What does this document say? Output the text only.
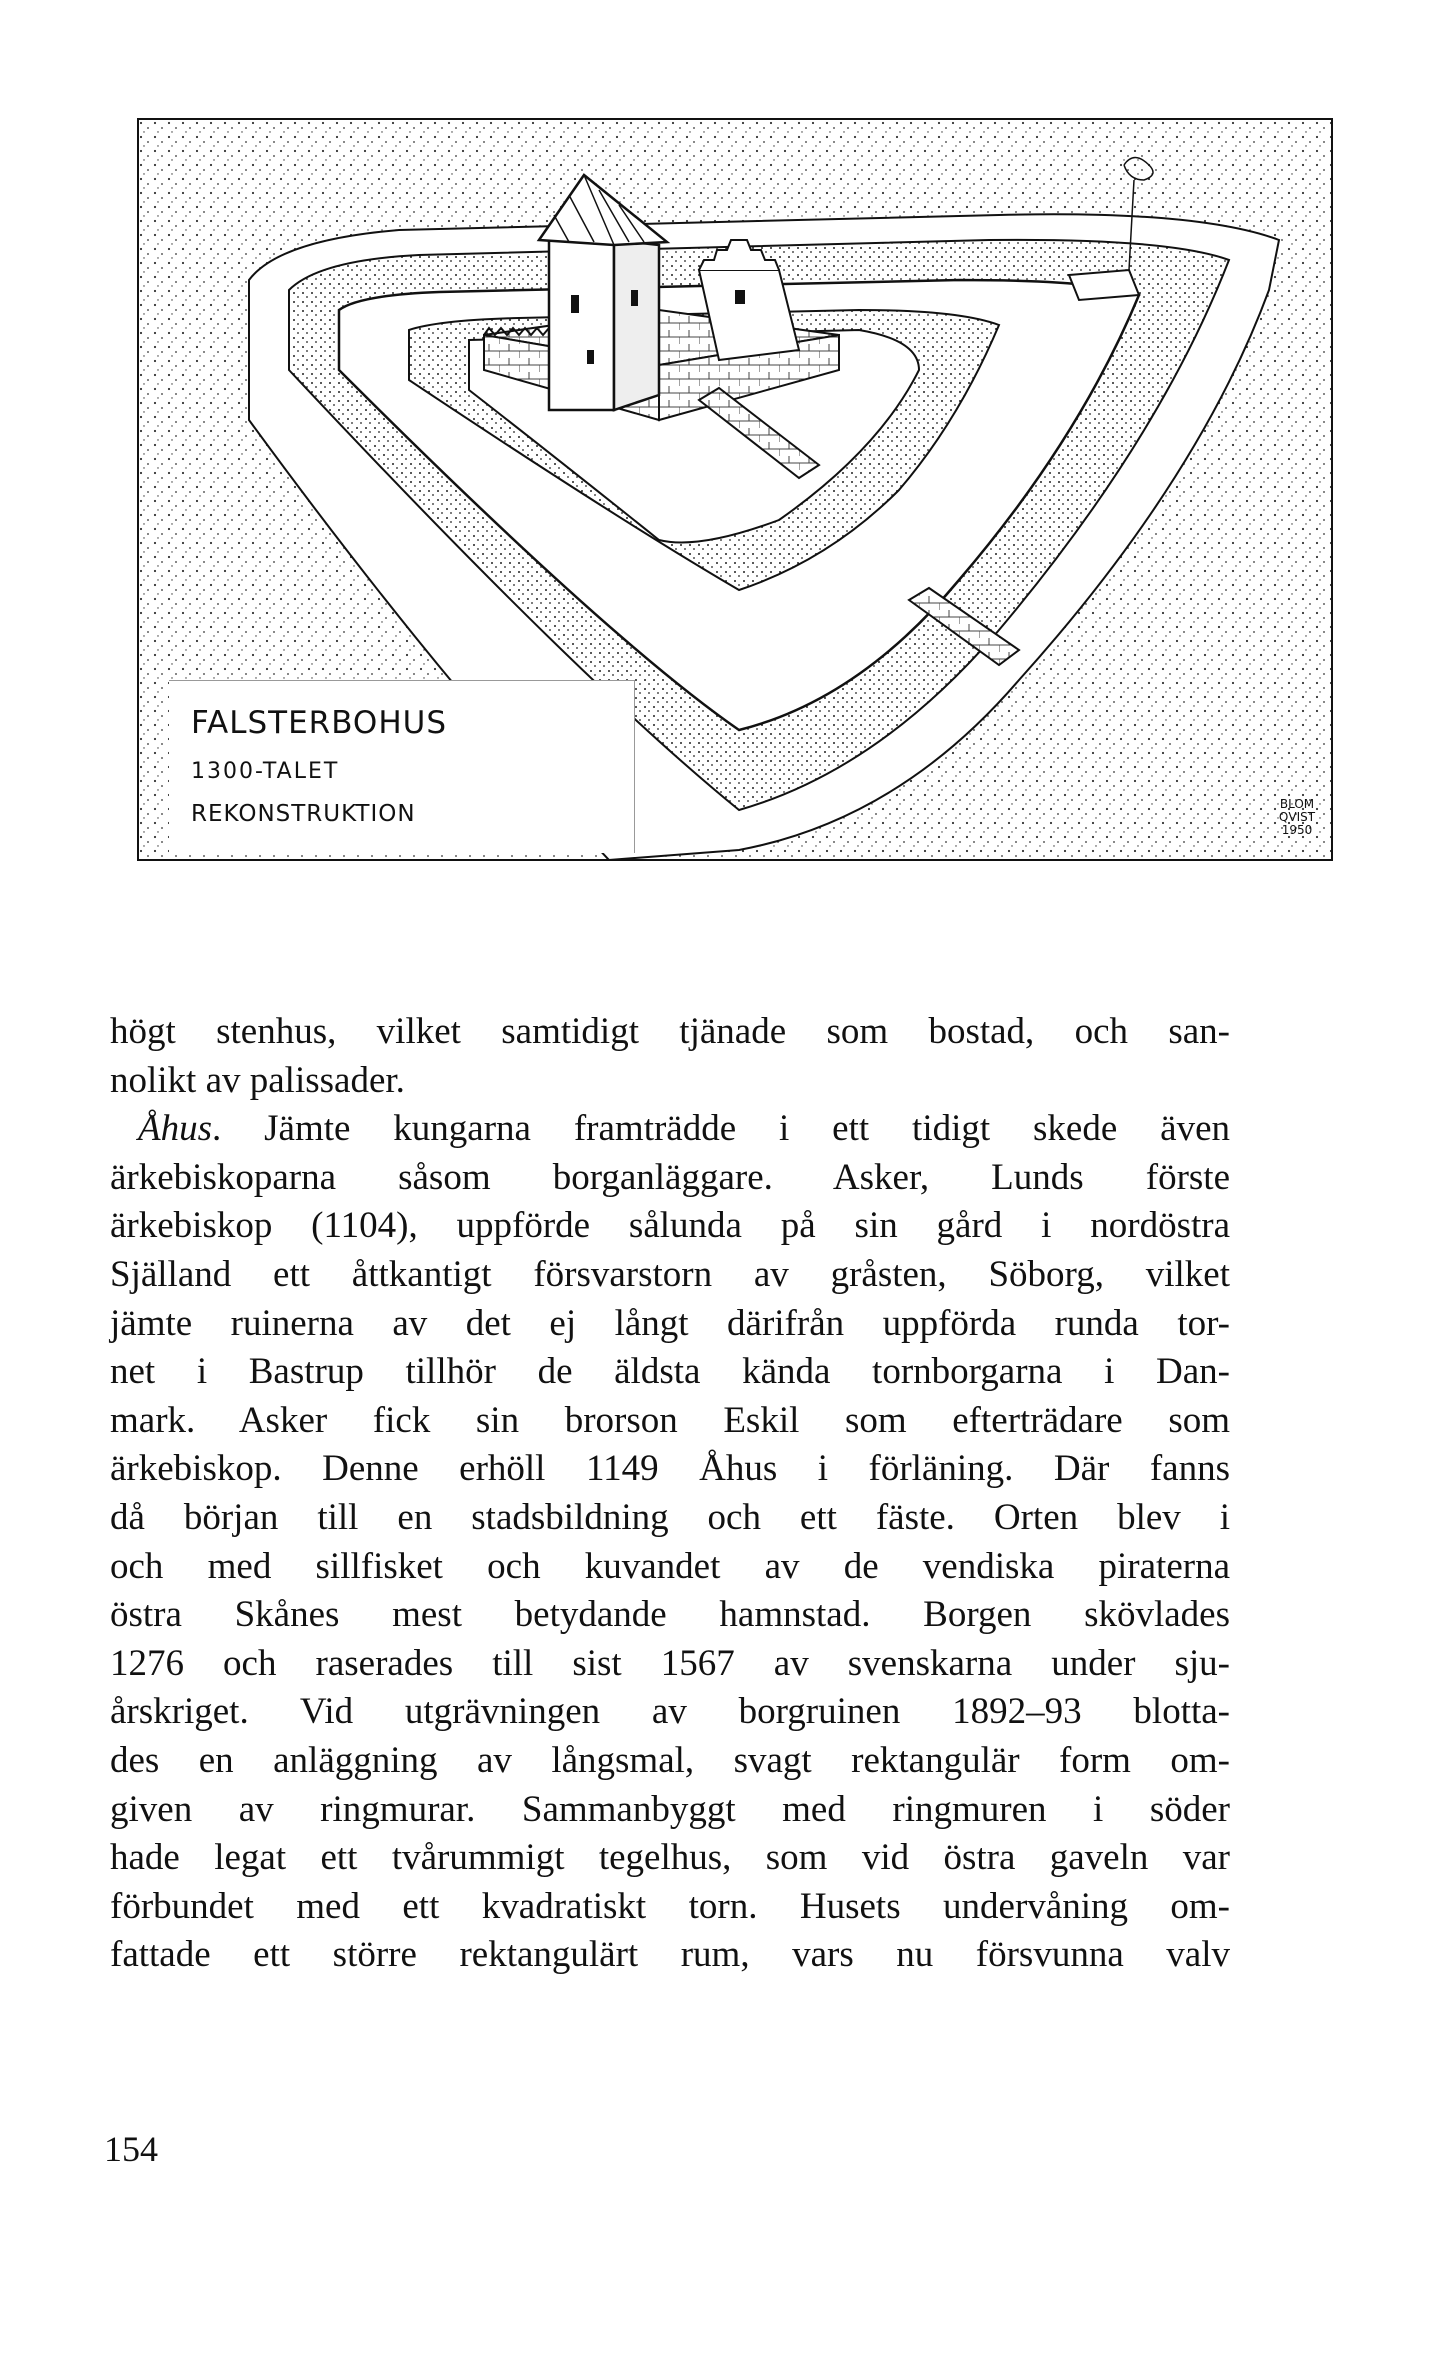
FALSTERBOHUS
1300-TALET
REKONSTRUKTION	BLOM
QVIST
1950
högt stenhus, vilket samtidigt tjänade som bostad, och san-
nolikt av palissader.
Åhus. Jämte kungarna framträdde i ett tidigt skede även
ärkebiskoparna såsom borganläggare. Asker, Lunds förste
ärkebiskop (1104), uppförde sålunda på sin gård i nordöstra
Själland ett åttkantigt försvarstorn av gråsten, Söborg, vilket
jämte ruinerna av det ej långt därifrån uppförda runda tor-
net i Bastrup tillhör de äldsta kända tornborgarna i Dan-
mark. Asker fick sin brorson Eskil som efterträdare som
ärkebiskop. Denne erhöll 1149 Åhus i förläning. Där fanns
då början till en stadsbildning och ett fäste. Orten blev i
och med sillfisket och kuvandet av de vendiska piraterna
östra Skånes mest betydande hamnstad. Borgen skövlades
1276 och raserades till sist 1567 av svenskarna under sju-
årskriget. Vid utgrävningen av borgruinen 1892–93 blotta-
des en anläggning av långsmal, svagt rektangulär form om-
given av ringmurar. Sammanbyggt med ringmuren i söder
hade legat ett tvårummigt tegelhus, som vid östra gaveln var
förbundet med ett kvadratiskt torn. Husets undervåning om-
fattade ett större rektangulärt rum, vars nu försvunna valv
154
